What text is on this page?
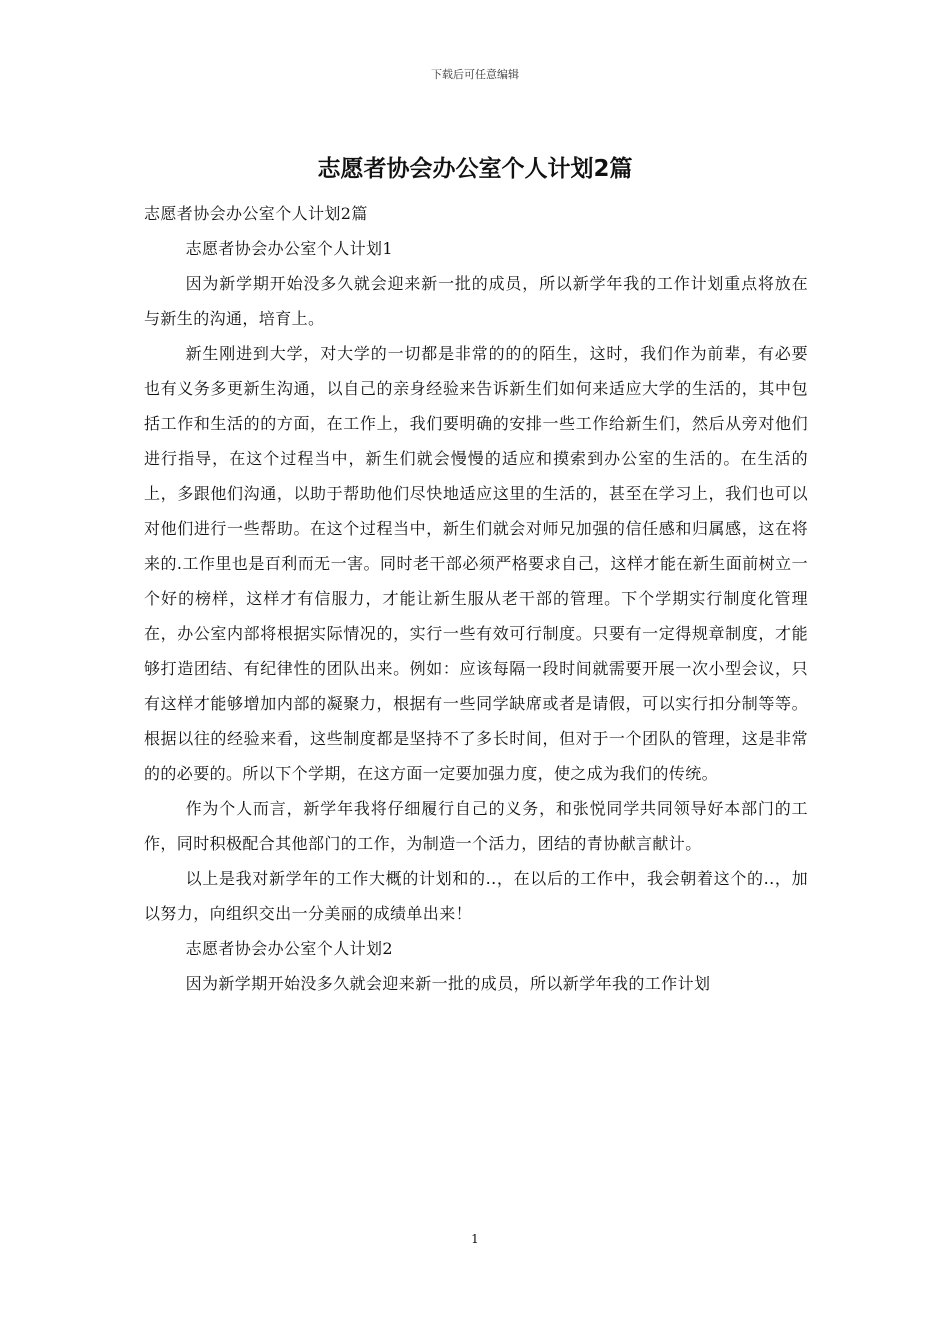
下载后可任意编辑
志愿者协会办公室个人计划2篇

志愿者协会办公室个人计划2篇

志愿者协会办公室个人计划1

因为新学期开始没多久就会迎来新一批的成员，所以新学年我的工作计划重点将放在与新生的沟通，培育上。

新生刚进到大学，对大学的一切都是非常的的的陌生，这时，我们作为前辈，有必要也有义务多更新生沟通，以自己的亲身经验来告诉新生们如何来适应大学的生活的，其中包括工作和生活的的方面，在工作上，我们要明确的安排一些工作给新生们，然后从旁对他们进行指导，在这个过程当中，新生们就会慢慢的适应和摸索到办公室的生活的。在生活的上，多跟他们沟通，以助于帮助他们尽快地适应这里的生活的，甚至在学习上，我们也可以对他们进行一些帮助。在这个过程当中，新生们就会对师兄加强的信任感和归属感，这在将来的.工作里也是百利而无一害。同时老干部必须严格要求自己，这样才能在新生面前树立一个好的榜样，这样才有信服力，才能让新生服从老干部的管理。下个学期实行制度化管理在，办公室内部将根据实际情况的，实行一些有效可行制度。只要有一定得规章制度，才能够打造团结、有纪律性的团队出来。例如：应该每隔一段时间就需要开展一次小型会议，只有这样才能够增加内部的凝聚力，根据有一些同学缺席或者是请假，可以实行扣分制等等。根据以往的经验来看，这些制度都是坚持不了多长时间，但对于一个团队的管理，这是非常的的必要的。所以下个学期，在这方面一定要加强力度，使之成为我们的传统。

作为个人而言，新学年我将仔细履行自己的义务，和张悦同学共同领导好本部门的工作，同时积极配合其他部门的工作，为制造一个活力，团结的青协献言献计。

以上是我对新学年的工作大概的计划和的..，在以后的工作中，我会朝着这个的..，加以努力，向组织交出一分美丽的成绩单出来！

志愿者协会办公室个人计划2

因为新学期开始没多久就会迎来新一批的成员，所以新学年我的工作计划

1
